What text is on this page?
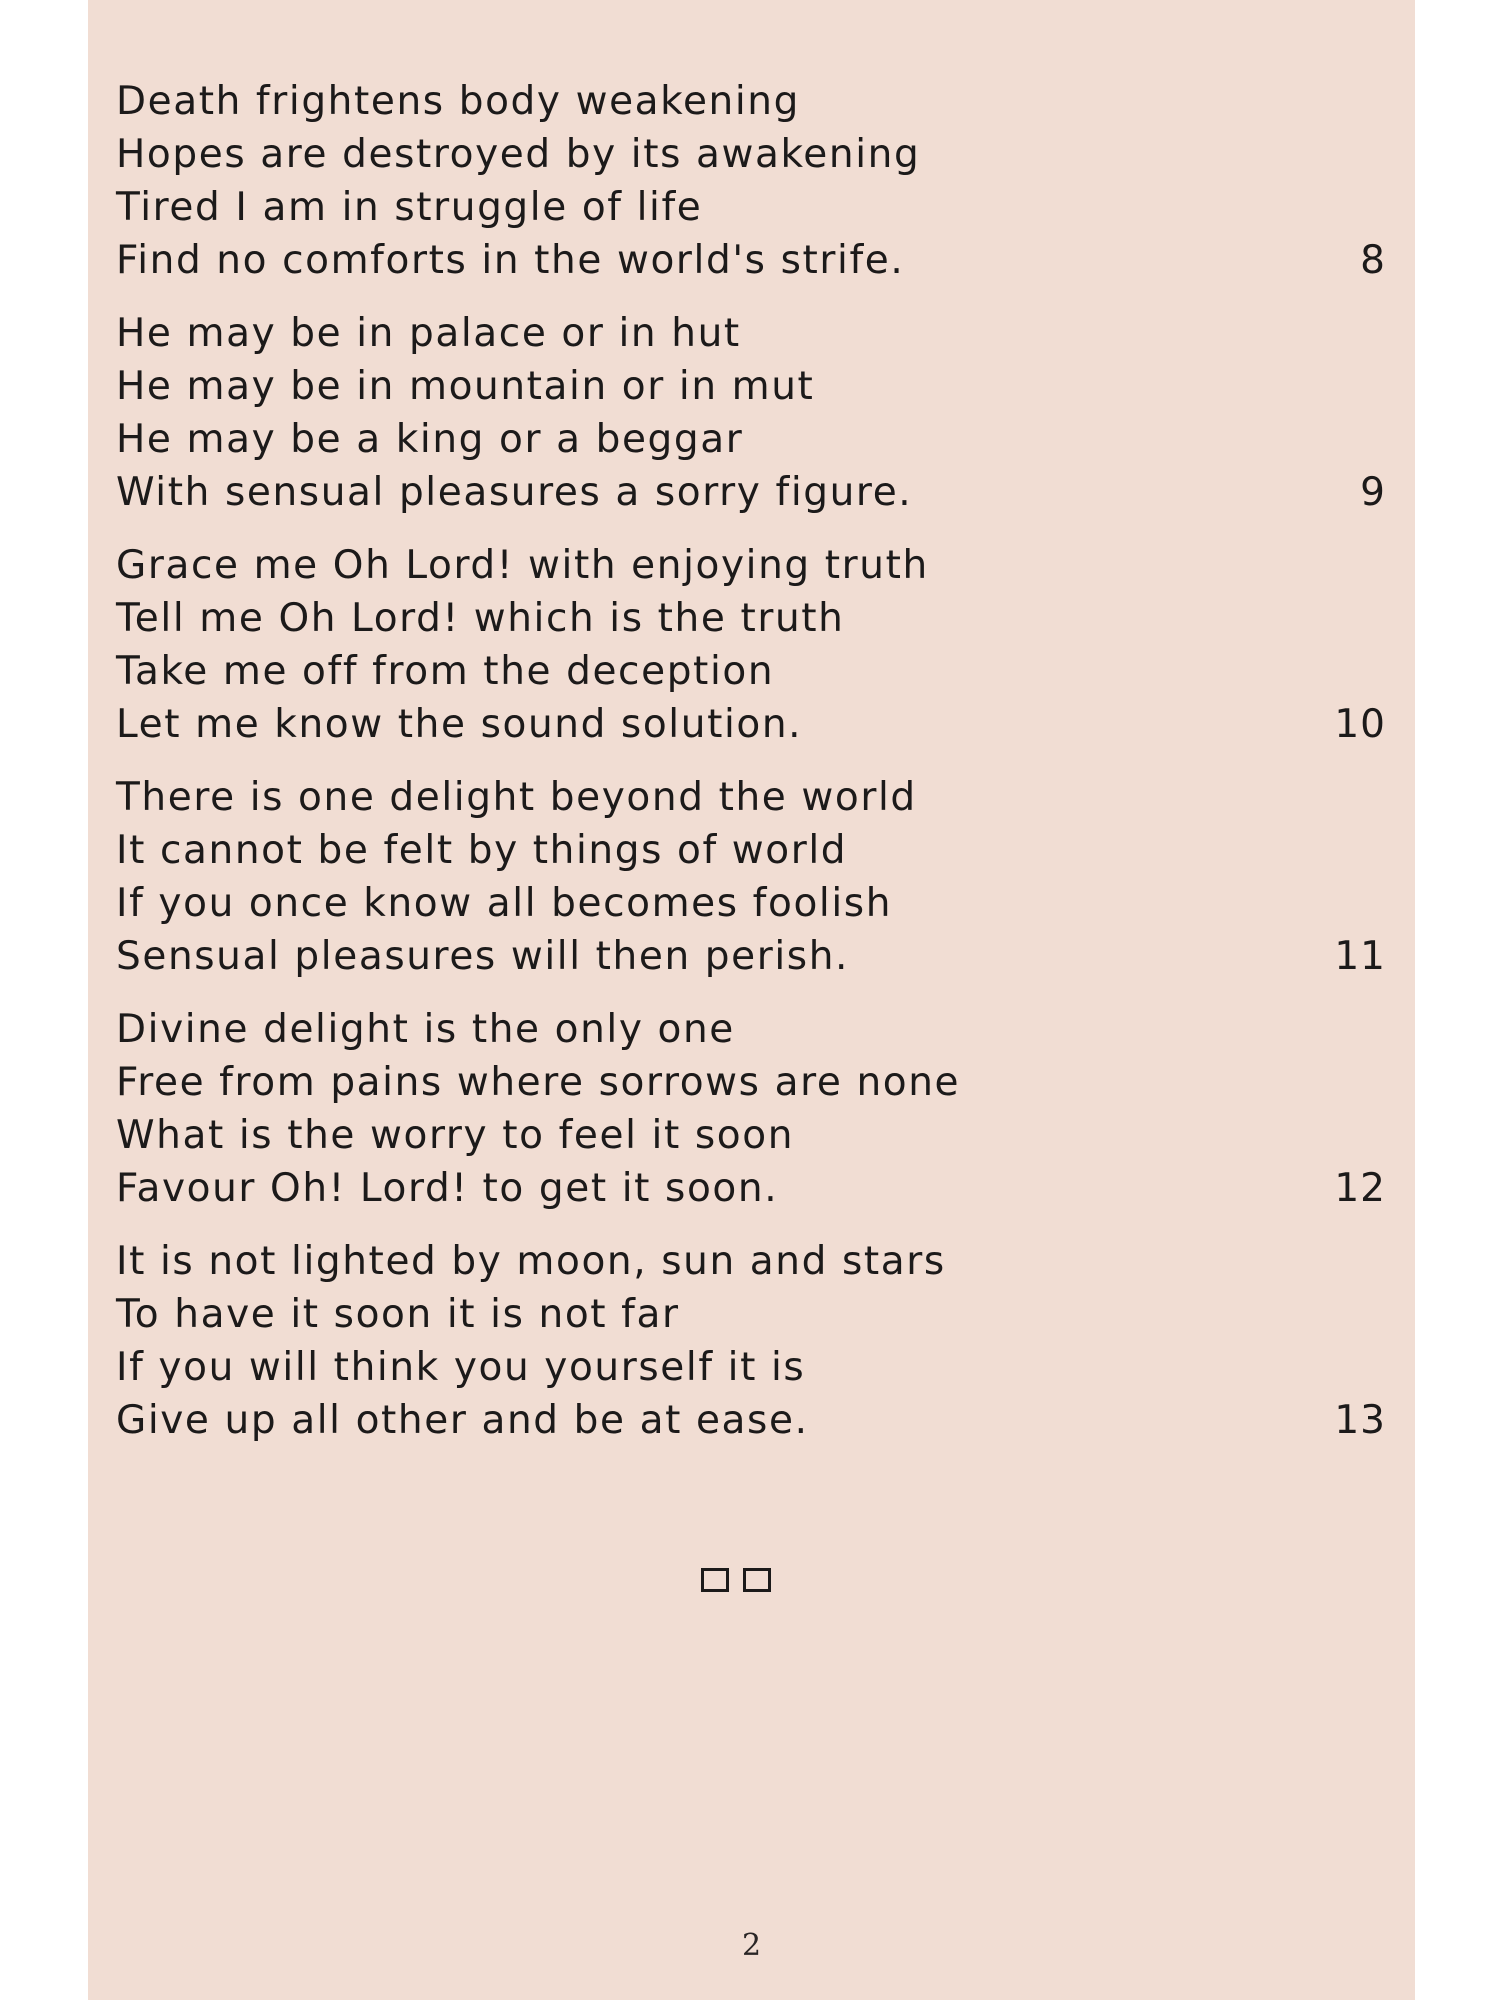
Death frightens body weakening
Hopes are destroyed by its awakening
Tired I am in struggle of life
Find no comforts in the world's strife.	8
He may be in palace or in hut
He may be in mountain or in mut
He may be a king or a beggar
With sensual pleasures a sorry figure.	9
Grace me Oh Lord! with enjoying truth
Tell me Oh Lord! which is the truth
Take me off from the deception
Let me know the sound solution.	10
There is one delight beyond the world
It cannot be felt by things of world
If you once know all becomes foolish
Sensual pleasures will then perish.	11
Divine delight is the only one
Free from pains where sorrows are none
What is the worry to feel it soon
Favour Oh! Lord! to get it soon.	12
It is not lighted by moon, sun and stars
To have it soon it is not far
If you will think you yourself it is
Give up all other and be at ease.	13
2
